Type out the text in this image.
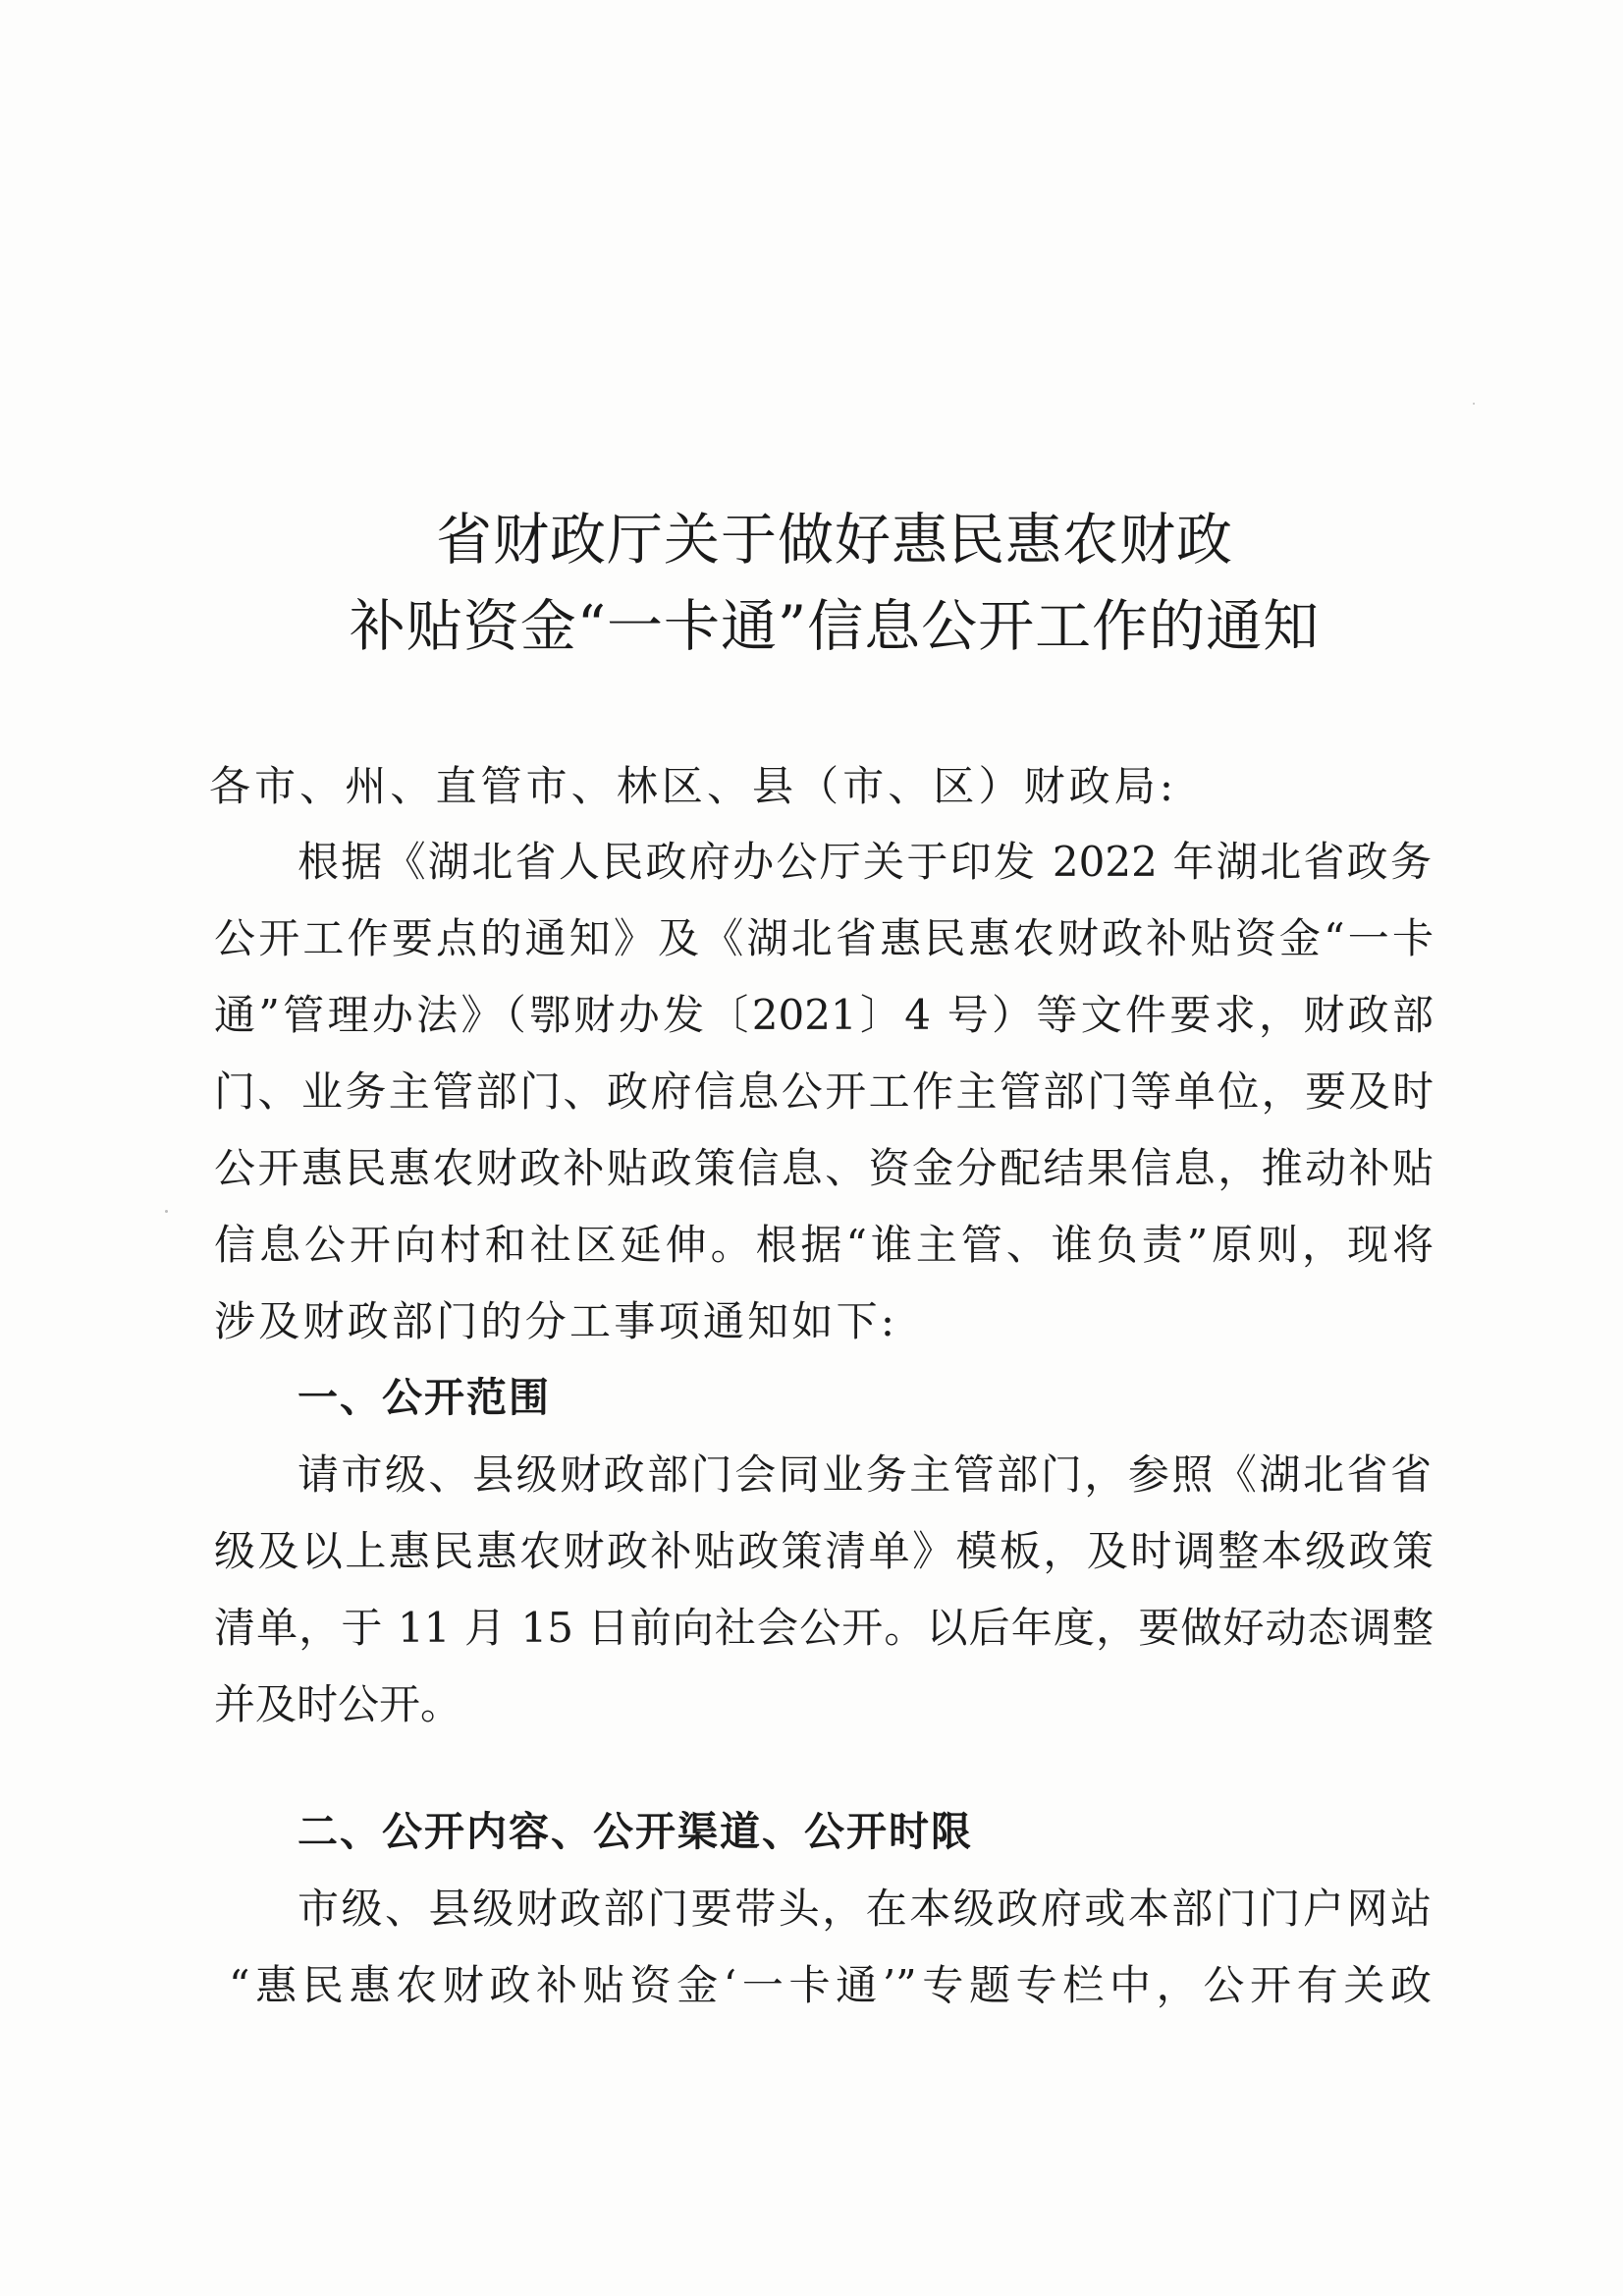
省财政厅关于做好惠民惠农财政
补贴资金“一卡通”信息公开工作的通知
各市、州、直管市、林区、县（市、区）财政局:
根据《湖北省人民政府办公厅关于印发 2022 年湖北省政务
公开工作要点的通知》及《湖北省惠民惠农财政补贴资金“一卡
通”管理办法》（鄂财办发〔2021〕4 号）等文件要求，财政部
门、业务主管部门、政府信息公开工作主管部门等单位，要及时
公开惠民惠农财政补贴政策信息、资金分配结果信息，推动补贴
信息公开向村和社区延伸。根据“谁主管、谁负责”原则，现将
涉及财政部门的分工事项通知如下:
一、公开范围
请市级、县级财政部门会同业务主管部门，参照《湖北省省
级及以上惠民惠农财政补贴政策清单》模板，及时调整本级政策
清单，于 11 月 15 日前向社会公开。以后年度，要做好动态调整
并及时公开。
二、公开内容、公开渠道、公开时限
市级、县级财政部门要带头，在本级政府或本部门门户网站
“惠民惠农财政补贴资金‘一卡通’”专题专栏中，公开有关政
